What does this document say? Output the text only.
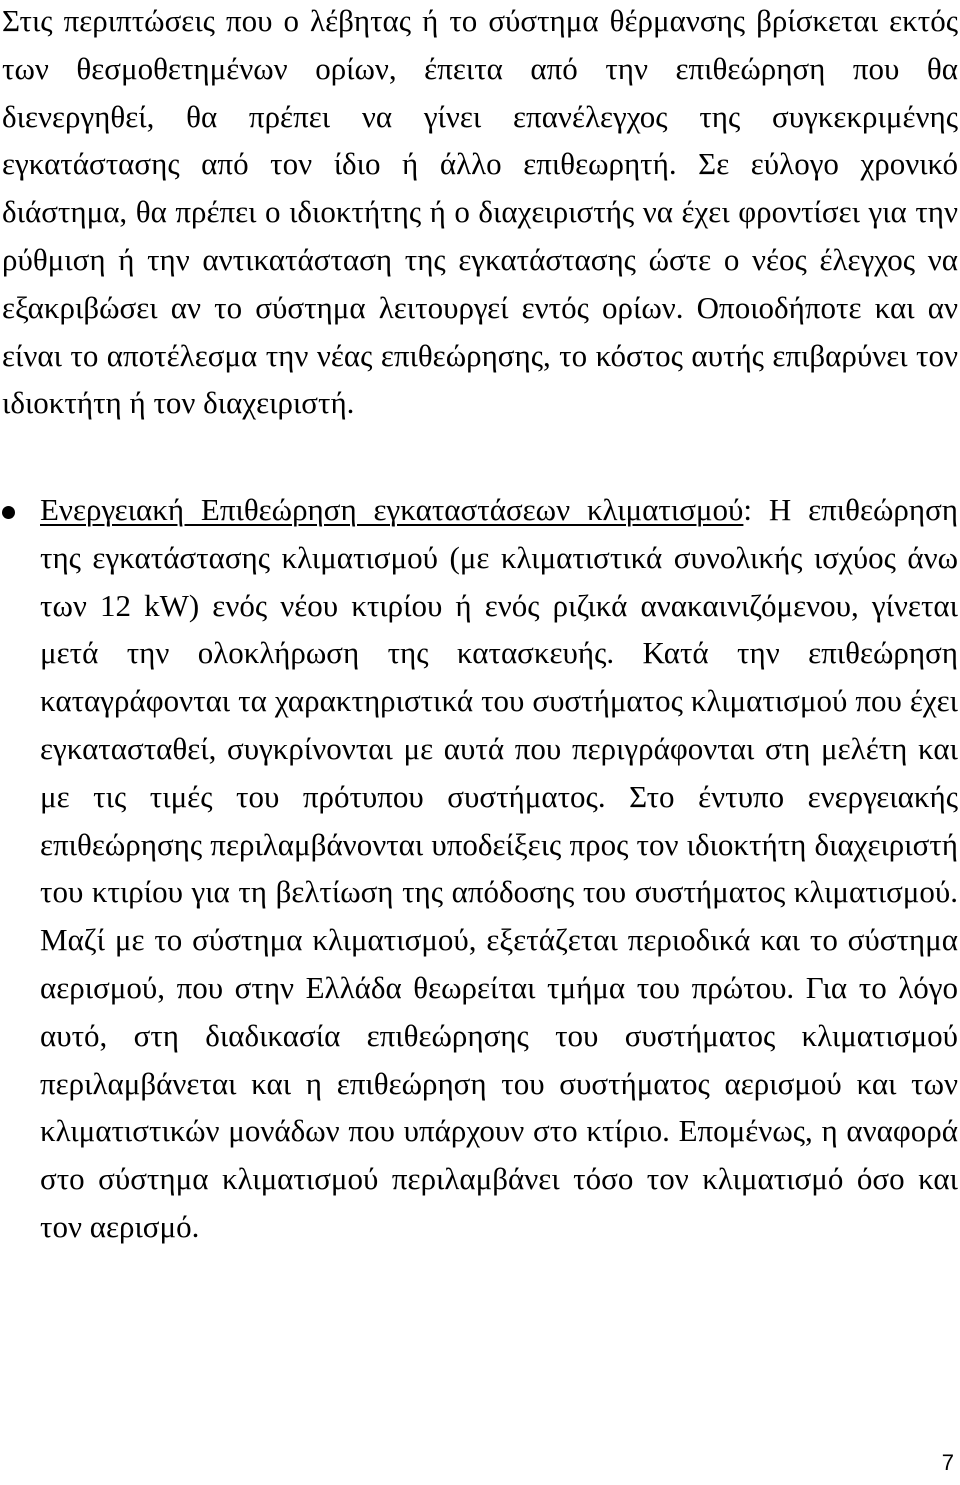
Στις περιπτώσεις που ο λέβητας ή το σύστημα θέρμανσης βρίσκεται εκτός των θεσμοθετημένων ορίων, έπειτα από την επιθεώρηση που θα διενεργηθεί, θα πρέπει να γίνει επανέλεγχος της συγκεκριμένης εγκατάστασης από τον ίδιο ή άλλο επιθεωρητή. Σε εύλογο χρονικό διάστημα, θα πρέπει ο ιδιοκτήτης ή ο διαχειριστής να έχει φροντίσει για την ρύθμιση ή την αντικατάσταση της εγκατάστασης ώστε ο νέος έλεγχος να εξακριβώσει αν το σύστημα λειτουργεί εντός ορίων. Οποιοδήποτε και αν είναι το αποτέλεσμα την νέας επιθεώρησης, το κόστος αυτής επιβαρύνει τον ιδιοκτήτη ή τον διαχειριστή.

Ενεργειακή Επιθεώρηση εγκαταστάσεων κλιματισμού: Η επιθεώρηση της εγκατάστασης κλιματισμού (με κλιματιστικά συνολικής ισχύος άνω των 12 kW) ενός νέου κτιρίου ή ενός ριζικά ανακαινιζόμενου, γίνεται μετά την ολοκλήρωση της κατασκευής. Κατά την επιθεώρηση καταγράφονται τα χαρακτηριστικά του συστήματος κλιματισμού που έχει εγκατασταθεί, συγκρίνονται με αυτά που περιγράφονται στη μελέτη και με τις τιμές του πρότυπου συστήματος. Στο έντυπο ενεργειακής επιθεώρησης περιλαμβάνονται υποδείξεις προς τον ιδιοκτήτη διαχειριστή του κτιρίου για τη βελτίωση της απόδοσης του συστήματος κλιματισμού. Μαζί με το σύστημα κλιματισμού, εξετάζεται περιοδικά και το σύστημα αερισμού, που στην Ελλάδα θεωρείται τμήμα του πρώτου. Για το λόγο αυτό, στη διαδικασία επιθεώρησης του συστήματος κλιματισμού περιλαμβάνεται και η επιθεώρηση του συστήματος αερισμού και των κλιματιστικών μονάδων που υπάρχουν στο κτίριο. Επομένως, η αναφορά στο σύστημα κλιματισμού περιλαμβάνει τόσο τον κλιματισμό όσο και τον αερισμό.

7
